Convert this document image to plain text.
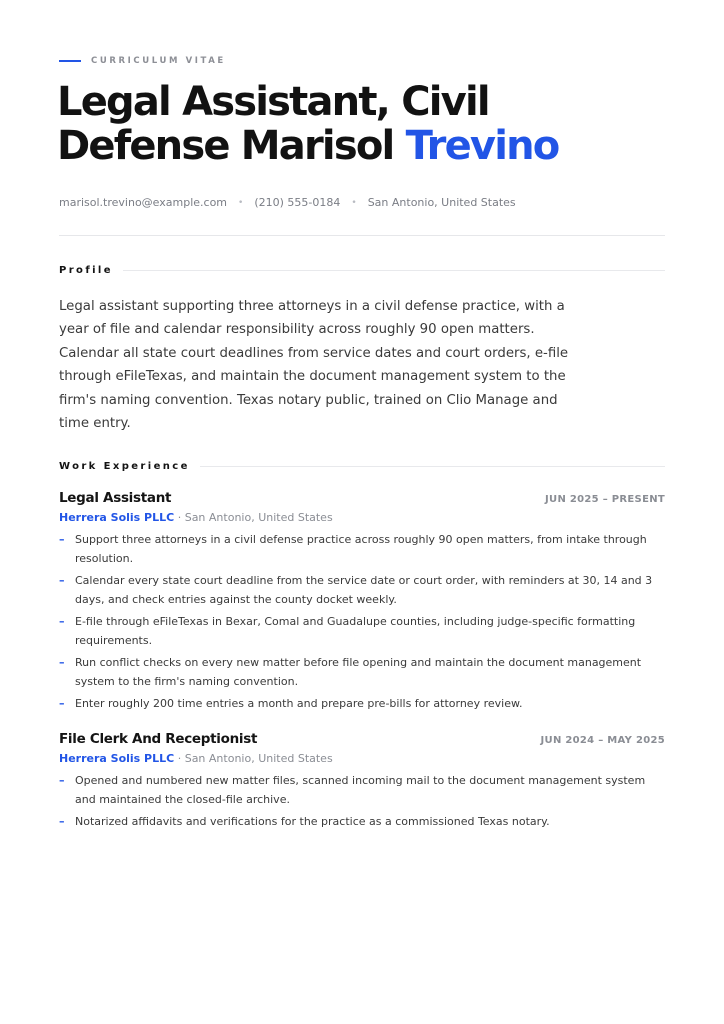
CURRICULUM VITAE
Legal Assistant, Civil Defense Marisol Trevino
marisol.trevino@example.com • (210) 555-0184 • San Antonio, United States
Profile

Legal assistant supporting three attorneys in a civil defense practice, with a year of file and calendar responsibility across roughly 90 open matters. Calendar all state court deadlines from service dates and court orders, e-file through eFileTexas, and maintain the document management system to the firm's naming convention. Texas notary public, trained on Clio Manage and time entry.

Work Experience
Legal Assistant	JUN 2025 – PRESENT
Herrera Solis PLLC · San Antonio, United States
– Support three attorneys in a civil defense practice across roughly 90 open matters, from intake through resolution.
– Calendar every state court deadline from the service date or court order, with reminders at 30, 14 and 3 days, and check entries against the county docket weekly.
– E-file through eFileTexas in Bexar, Comal and Guadalupe counties, including judge-specific formatting requirements.
– Run conflict checks on every new matter before file opening and maintain the document management system to the firm's naming convention.
– Enter roughly 200 time entries a month and prepare pre-bills for attorney review.
File Clerk And Receptionist	JUN 2024 – MAY 2025
Herrera Solis PLLC · San Antonio, United States
– Opened and numbered new matter files, scanned incoming mail to the document management system and maintained the closed-file archive.
– Notarized affidavits and verifications for the practice as a commissioned Texas notary.
